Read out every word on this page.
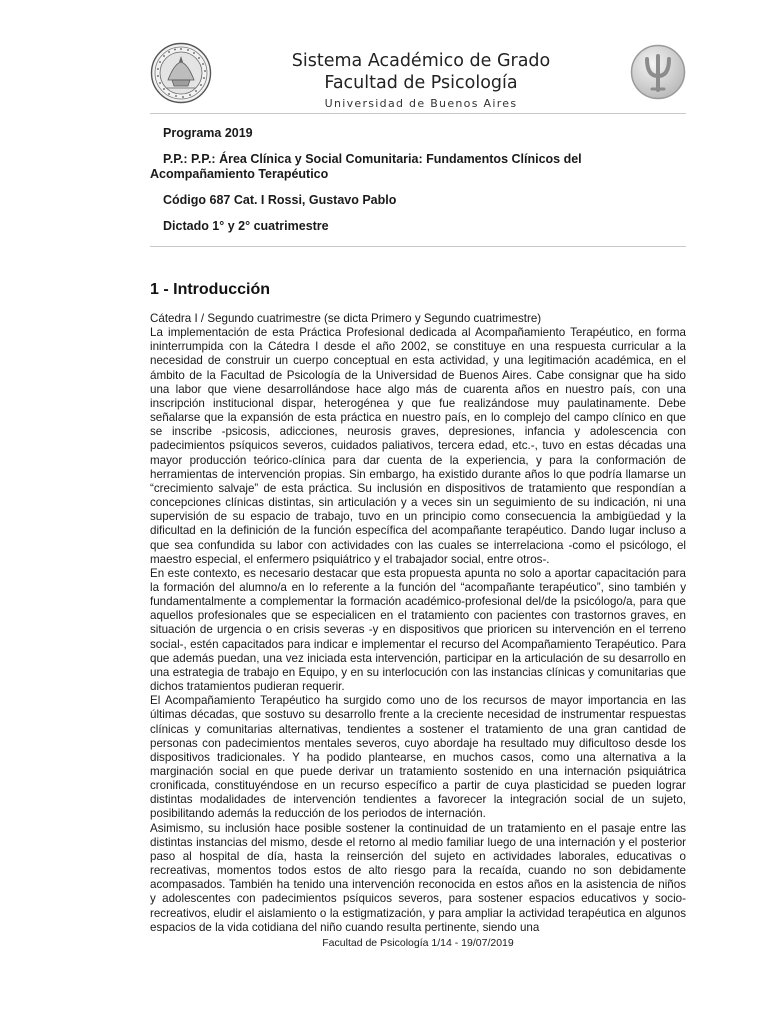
Sistema Académico de Grado
Facultad de Psicología
Universidad de Buenos Aires
Programa 2019
P.P.: P.P.: Área Clínica y Social Comunitaria: Fundamentos Clínicos del
Acompañamiento Terapéutico
Código 687 Cat. I Rossi, Gustavo Pablo
Dictado 1° y 2° cuatrimestre
1 - Introducción

Cátedra I / Segundo cuatrimestre (se dicta Primero y Segundo cuatrimestre)

La implementación de esta Práctica Profesional dedicada al Acompañamiento Terapéutico, en forma ininterrumpida con la Cátedra I desde el año 2002, se constituye en una respuesta curricular a la necesidad de construir un cuerpo conceptual en esta actividad, y una legitimación académica, en el ámbito de la Facultad de Psicología de la Universidad de Buenos Aires. Cabe consignar que ha sido una labor que viene desarrollándose hace algo más de cuarenta años en nuestro país, con una inscripción institucional dispar, heterogénea y que fue realizándose muy paulatinamente. Debe señalarse que la expansión de esta práctica en nuestro país, en lo complejo del campo clínico en que se inscribe -psicosis, adicciones, neurosis graves, depresiones, infancia y adolescencia con padecimientos psíquicos severos, cuidados paliativos, tercera edad, etc.-, tuvo en estas décadas una mayor producción teórico-clínica para dar cuenta de la experiencia, y para la conformación de herramientas de intervención propias. Sin embargo, ha existido durante años lo que podría llamarse un “crecimiento salvaje” de esta práctica. Su inclusión en dispositivos de tratamiento que respondían a concepciones clínicas distintas, sin articulación y a veces sin un seguimiento de su indicación, ni una supervisión de su espacio de trabajo, tuvo en un principio como consecuencia la ambigüedad y la dificultad en la definición de la función específica del acompañante terapéutico. Dando lugar incluso a que sea confundida su labor con actividades con las cuales se interrelaciona -como el psicólogo, el maestro especial, el enfermero psiquiátrico y el trabajador social, entre otros-.

En este contexto, es necesario destacar que esta propuesta apunta no solo a aportar capacitación para la formación del alumno/a en lo referente a la función del “acompañante terapéutico”, sino también y fundamentalmente a complementar la formación académico-profesional del/de la psicólogo/a, para que aquellos profesionales que se especialicen en el tratamiento con pacientes con trastornos graves, en situación de urgencia o en crisis severas -y en dispositivos que prioricen su intervención en el terreno social-, estén capacitados para indicar e implementar el recurso del Acompañamiento Terapéutico. Para que además puedan, una vez iniciada esta intervención, participar en la articulación de su desarrollo en una estrategia de trabajo en Equipo, y en su interlocución con las instancias clínicas y comunitarias que dichos tratamientos pudieran requerir.

El Acompañamiento Terapéutico ha surgido como uno de los recursos de mayor importancia en las últimas décadas, que sostuvo su desarrollo frente a la creciente necesidad de instrumentar respuestas clínicas y comunitarias alternativas, tendientes a sostener el tratamiento de una gran cantidad de personas con padecimientos mentales severos, cuyo abordaje ha resultado muy dificultoso desde los dispositivos tradicionales. Y ha podido plantearse, en muchos casos, como una alternativa a la marginación social en que puede derivar un tratamiento sostenido en una internación psiquiátrica cronificada, constituyéndose en un recurso específico a partir de cuya plasticidad se pueden lograr distintas modalidades de intervención tendientes a favorecer la integración social de un sujeto, posibilitando además la reducción de los periodos de internación.

Asimismo, su inclusión hace posible sostener la continuidad de un tratamiento en el pasaje entre las distintas instancias del mismo, desde el retorno al medio familiar luego de una internación y el posterior paso al hospital de día, hasta la reinserción del sujeto en actividades laborales, educativas o recreativas, momentos todos estos de alto riesgo para la recaída, cuando no son debidamente acompasados. También ha tenido una intervención reconocida en estos años en la asistencia de niños y adolescentes con padecimientos psíquicos severos, para sostener espacios educativos y socio-recreativos, eludir el aislamiento o la estigmatización, y para ampliar la actividad terapéutica en algunos espacios de la vida cotidiana del niño cuando resulta pertinente, siendo una

Facultad de Psicología 1/14 - 19/07/2019
